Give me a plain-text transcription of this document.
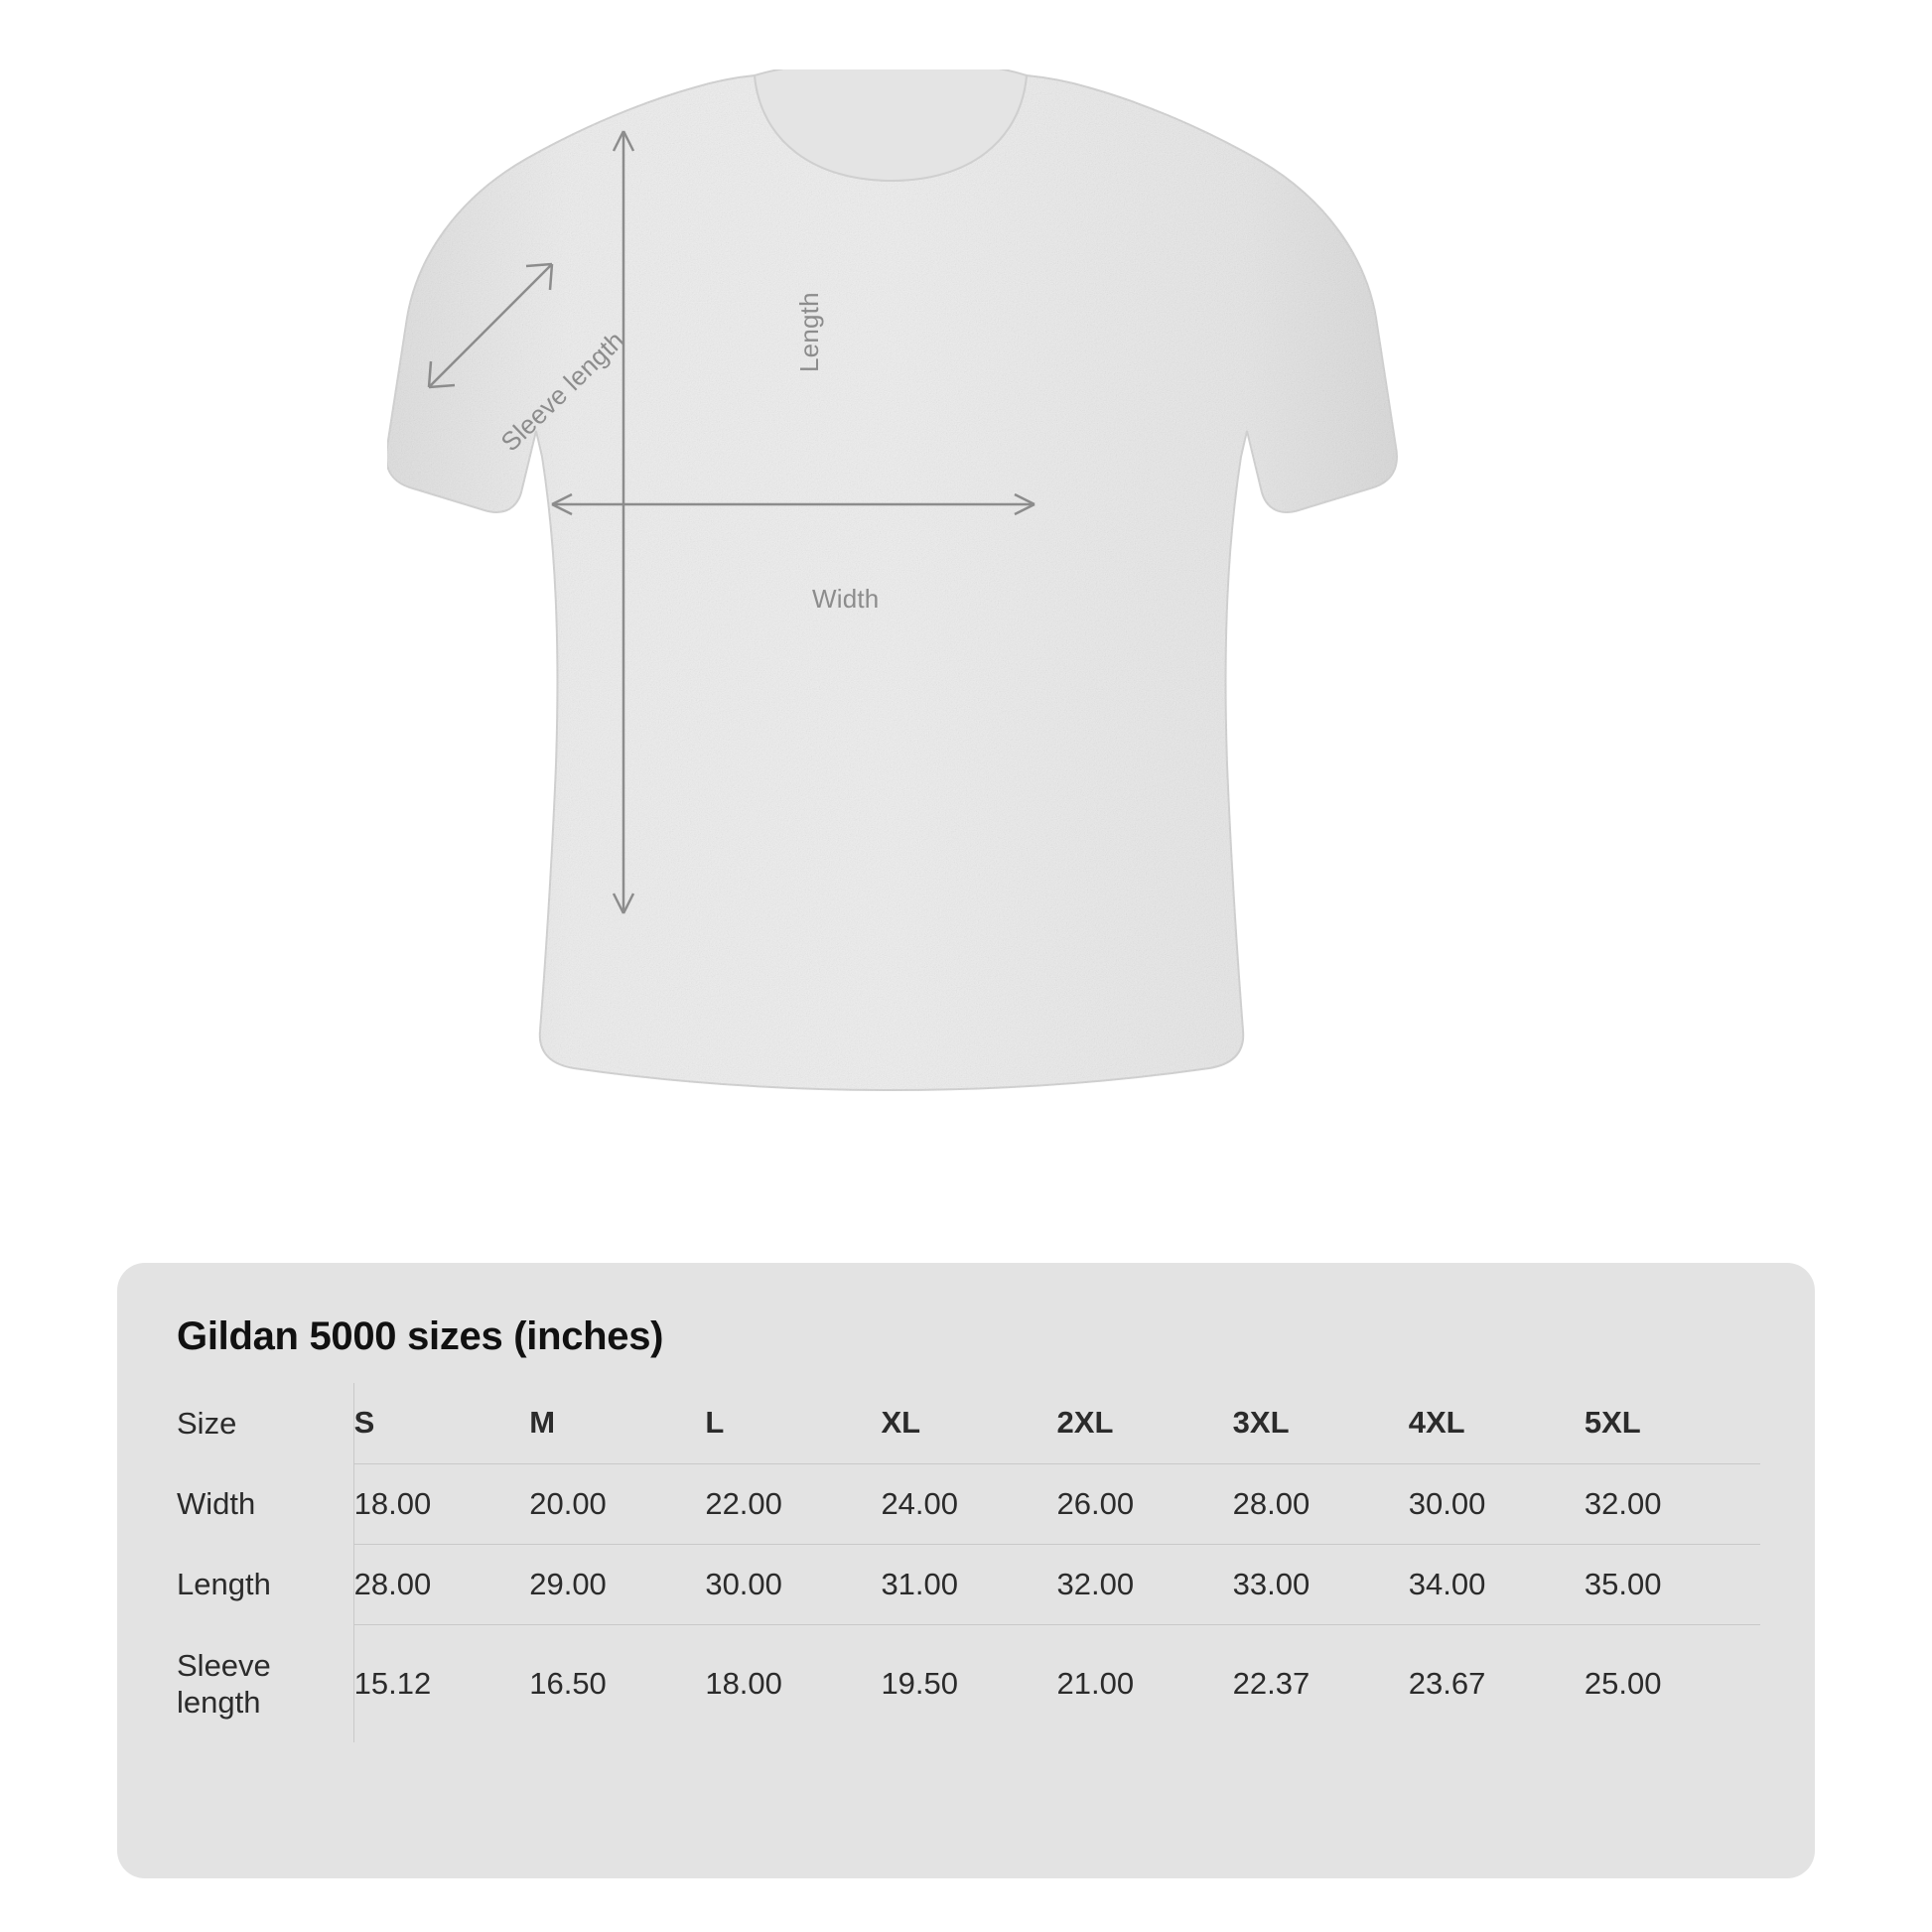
Length
Width
Sleeve length
Gildan 5000 sizes (inches)
Size	S	M	L	XL	2XL	3XL	4XL	5XL
Width	18.00	20.00	22.00	24.00	26.00	28.00	30.00	32.00
Length	28.00	29.00	30.00	31.00	32.00	33.00	34.00	35.00
Sleeve length	15.12	16.50	18.00	19.50	21.00	22.37	23.67	25.00
